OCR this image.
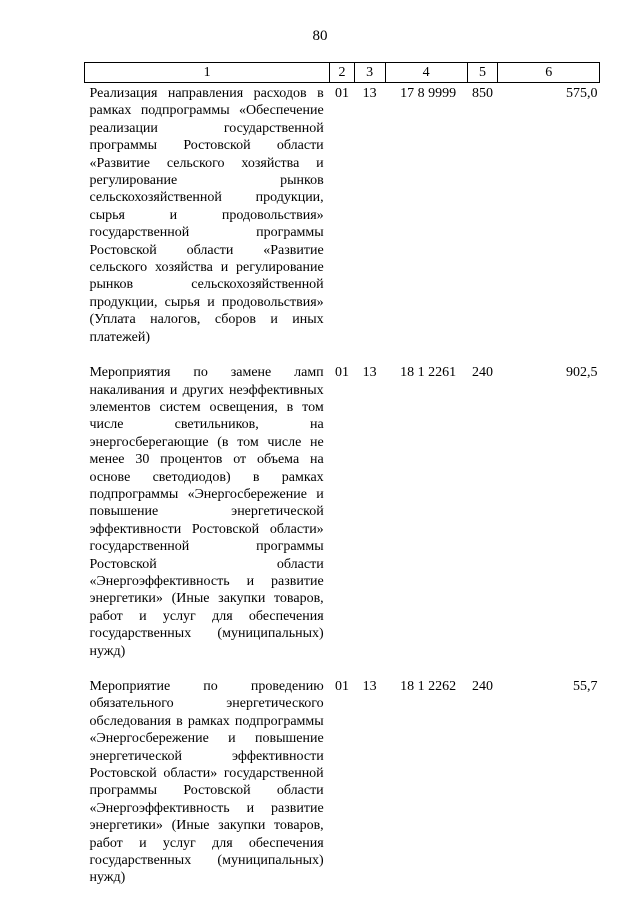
80
1	2	3	4	5	6
Реализация направления расходов в рамках подпрограммы «Обеспечение реализации государственной программы Ростовской области «Развитие сельского хозяйства и регулирование рынков сельскохозяйственной продукции, сырья и продовольствия» государственной программы Ростовской области «Развитие сельского хозяйства и регулирование рынков сельскохозяйственной продукции, сырья и продовольствия» (Уплата налогов, сборов и иных платежей)	01	13	17 8 9999	850	575,0
Мероприятия по замене ламп накаливания и других неэффективных элементов систем освещения, в том числе светильников, на энергосберегающие (в том числе не менее 30 процентов от объема на основе светодиодов) в рамках подпрограммы «Энергосбережение и повышение энергетической эффективности Ростовской области» государственной программы Ростовской области «Энергоэффективность и развитие энергетики» (Иные закупки товаров, работ и услуг для обеспечения государственных (муниципальных) нужд)	01	13	18 1 2261	240	902,5
Мероприятие по проведению обязательного энергетического обследования в рамках подпрограммы «Энергосбережение и повышение энергетической эффективности Ростовской области» государственной программы Ростовской области «Энергоэффективность и развитие энергетики» (Иные закупки товаров, работ и услуг для обеспечения государственных (муниципальных) нужд)	01	13	18 1 2262	240	55,7
